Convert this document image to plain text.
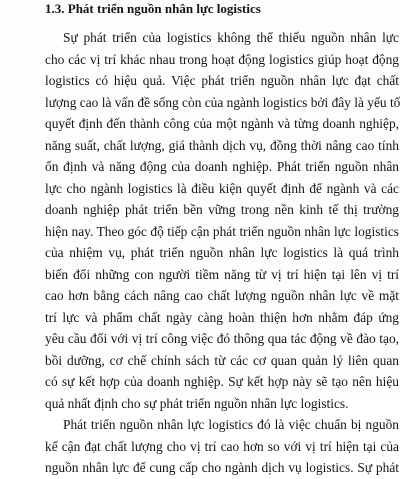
1.3. Phát triển nguồn nhân lực logistics
Sự phát triển của logistics không thể thiếu nguồn nhân lực
cho các vị trí khác nhau trong hoạt động logistics giúp hoạt động
logistics có hiệu quả. Việc phát triển nguồn nhân lực đạt chất
lượng cao là vấn đề sống còn của ngành logistics bởi đây là yếu tố
quyết định đến thành công của một ngành và từng doanh nghiệp,
năng suất, chất lượng, giá thành dịch vụ, đồng thời nâng cao tính
ổn định và năng động của doanh nghiệp. Phát triển nguồn nhân
lực cho ngành logistics là điều kiện quyết định để ngành và các
doanh nghiệp phát triển bền vững trong nền kinh tế thị trường
hiện nay. Theo góc độ tiếp cận phát triển nguồn nhân lực logistics
của nhiệm vụ, phát triển nguồn nhân lực logistics là quá trình
biến đổi những con người tiềm năng từ vị trí hiện tại lên vị trí
cao hơn bằng cách nâng cao chất lượng nguồn nhân lực về mặt
trí lực và phẩm chất ngày càng hoàn thiện hơn nhằm đáp ứng
yêu cầu đối với vị trí công việc đó thông qua tác động về đào tạo,
bồi dưỡng, cơ chế chính sách từ các cơ quan quản lý liên quan
có sự kết hợp của doanh nghiệp. Sự kết hợp này sẽ tạo nên hiệu
quả nhất định cho sự phát triển nguồn nhân lực logistics.
Phát triển nguồn nhân lực logistics đó là việc chuẩn bị nguồn
kế cận đạt chất lượng cho vị trí cao hơn so với vị trí hiện tại của
nguồn nhân lực để cung cấp cho ngành dịch vụ logistics. Sự phát
